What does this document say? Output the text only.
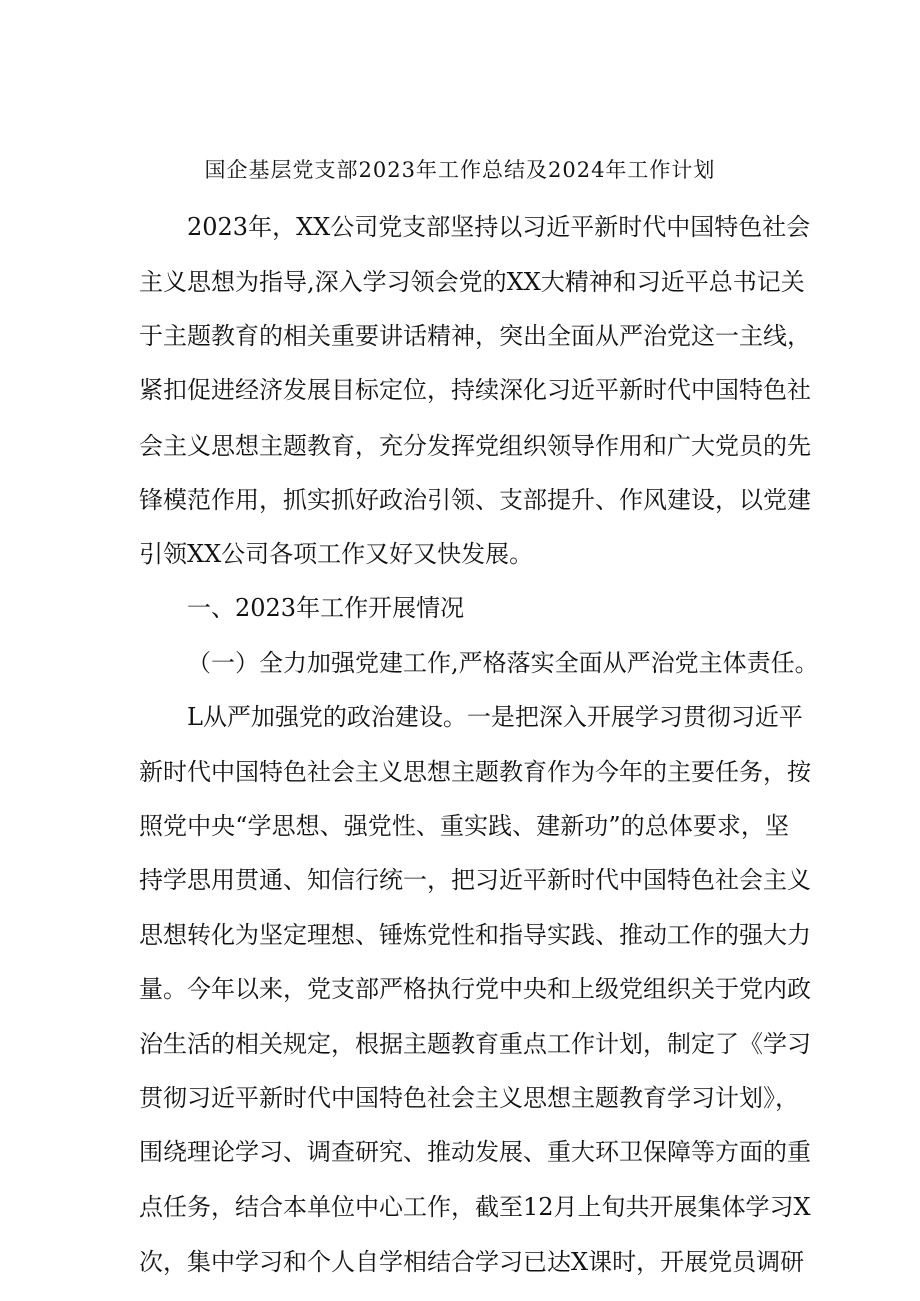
国企基层党支部2023年工作总结及2024年工作计划
2023年，XX公司党支部坚持以习近平新时代中国特色社会
主义思想为指导,深入学习领会党的XX大精神和习近平总书记关
于主题教育的相关重要讲话精神，突出全面从严治党这一主线，
紧扣促进经济发展目标定位，持续深化习近平新时代中国特色社
会主义思想主题教育，充分发挥党组织领导作用和广大党员的先
锋模范作用，抓实抓好政治引领、支部提升、作风建设，以党建
引领XX公司各项工作又好又快发展。
一、2023年工作开展情况
（一）全力加强党建工作,严格落实全面从严治党主体责任。
L从严加强党的政治建设。一是把深入开展学习贯彻习近平
新时代中国特色社会主义思想主题教育作为今年的主要任务，按
照党中央“学思想、强党性、重实践、建新功”的总体要求，坚
持学思用贯通、知信行统一，把习近平新时代中国特色社会主义
思想转化为坚定理想、锤炼党性和指导实践、推动工作的强大力
量。今年以来，党支部严格执行党中央和上级党组织关于党内政
治生活的相关规定，根据主题教育重点工作计划，制定了《学习
贯彻习近平新时代中国特色社会主义思想主题教育学习计划》，
围绕理论学习、调查研究、推动发展、重大环卫保障等方面的重
点任务，结合本单位中心工作，截至12月上旬共开展集体学习X
次，集中学习和个人自学相结合学习已达X课时，开展党员调研
